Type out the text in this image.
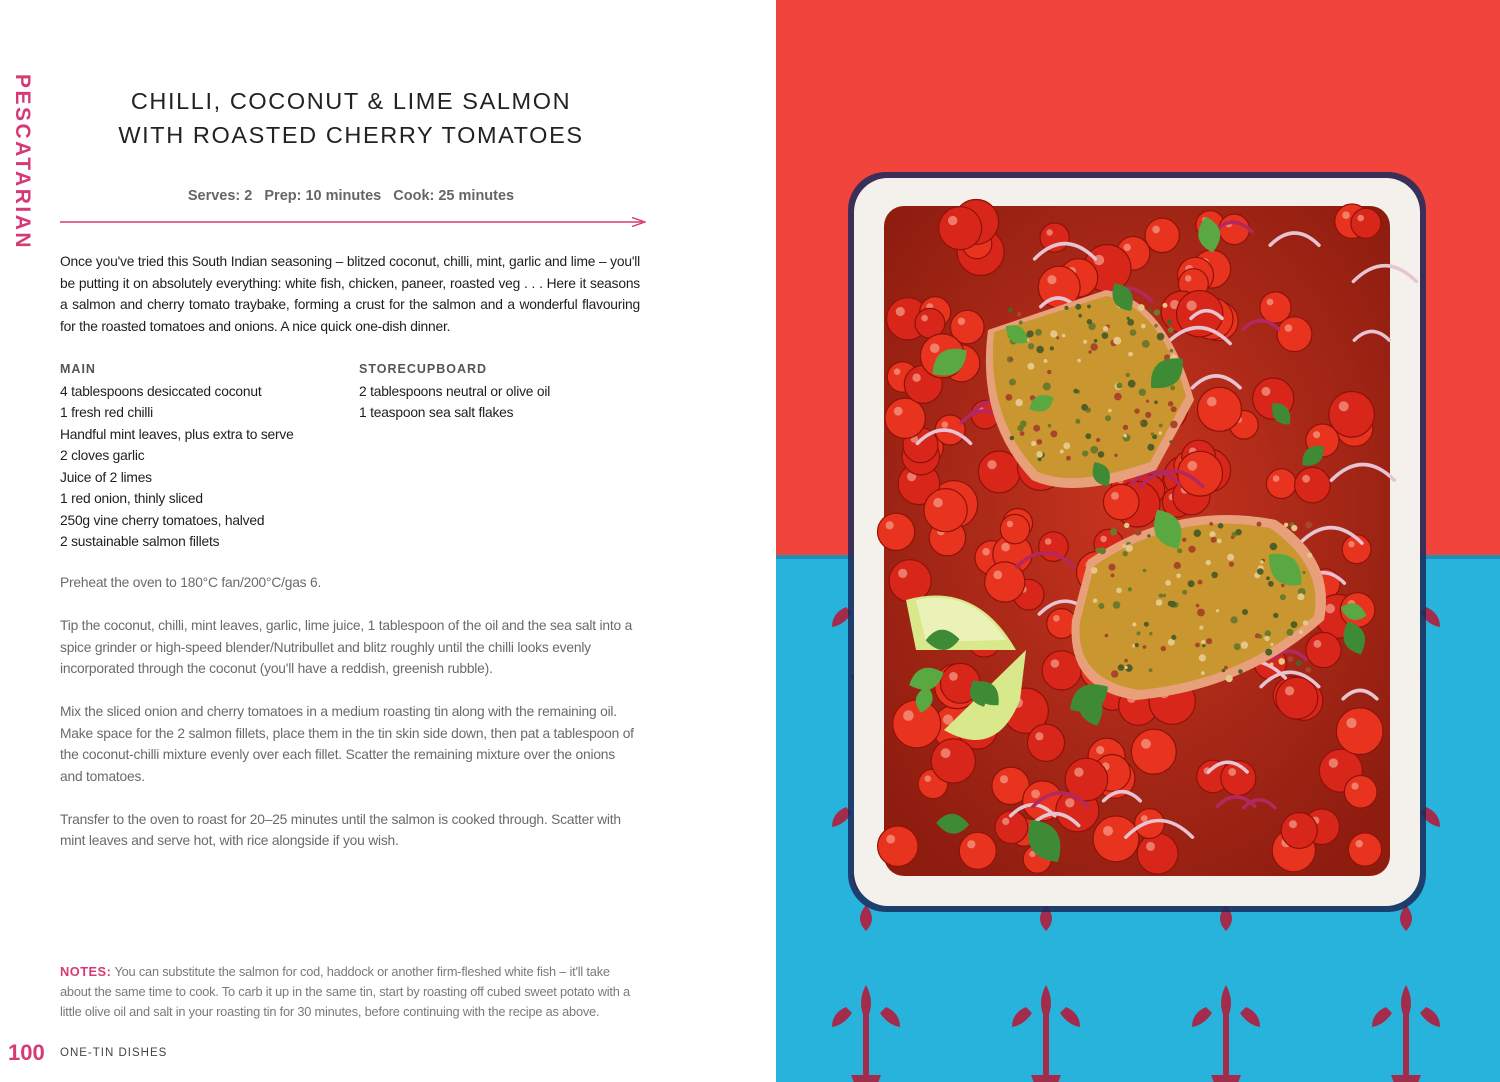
PESCATARIAN	CHILLI, COCONUT & LIME SALMON
WITH ROASTED CHERRY TOMATOES
Serves: 2 Prep: 10 minutes Cook: 25 minutes

Once you've tried this South Indian seasoning – blitzed coconut, chilli, mint, garlic and lime – you'll be putting it on absolutely everything: white fish, chicken, paneer, roasted veg . . . Here it seasons a salmon and cherry tomato traybake, forming a crust for the salmon and a wonderful flavouring for the roasted tomatoes and onions. A nice quick one-dish dinner.

MAIN
4 tablespoons desiccated coconut
1 fresh red chilli
Handful mint leaves, plus extra to serve
2 cloves garlic
Juice of 2 limes
1 red onion, thinly sliced
250g vine cherry tomatoes, halved
2 sustainable salmon fillets
STORECUPBOARD
2 tablespoons neutral or olive oil
1 teaspoon sea salt flakes

Preheat the oven to 180°C fan/200°C/gas 6.

Tip the coconut, chilli, mint leaves, garlic, lime juice, 1 tablespoon of the oil and the sea salt into a spice grinder or high-speed blender/Nutribullet and blitz roughly until the chilli looks evenly incorporated through the coconut (you'll have a reddish, greenish rubble).

Mix the sliced onion and cherry tomatoes in a medium roasting tin along with the remaining oil. Make space for the 2 salmon fillets, place them in the tin skin side down, then pat a tablespoon of the coconut-chilli mixture evenly over each fillet. Scatter the remaining mixture over the onions and tomatoes.

Transfer to the oven to roast for 20–25 minutes until the salmon is cooked through. Scatter with mint leaves and serve hot, with rice alongside if you wish.

NOTES: You can substitute the salmon for cod, haddock or another firm-fleshed white fish – it'll take about the same time to cook. To carb it up in the same tin, start by roasting off cubed sweet potato with a little olive oil and salt in your roasting tin for 30 minutes, before continuing with the recipe as above.
100 ONE-TIN DISHES
